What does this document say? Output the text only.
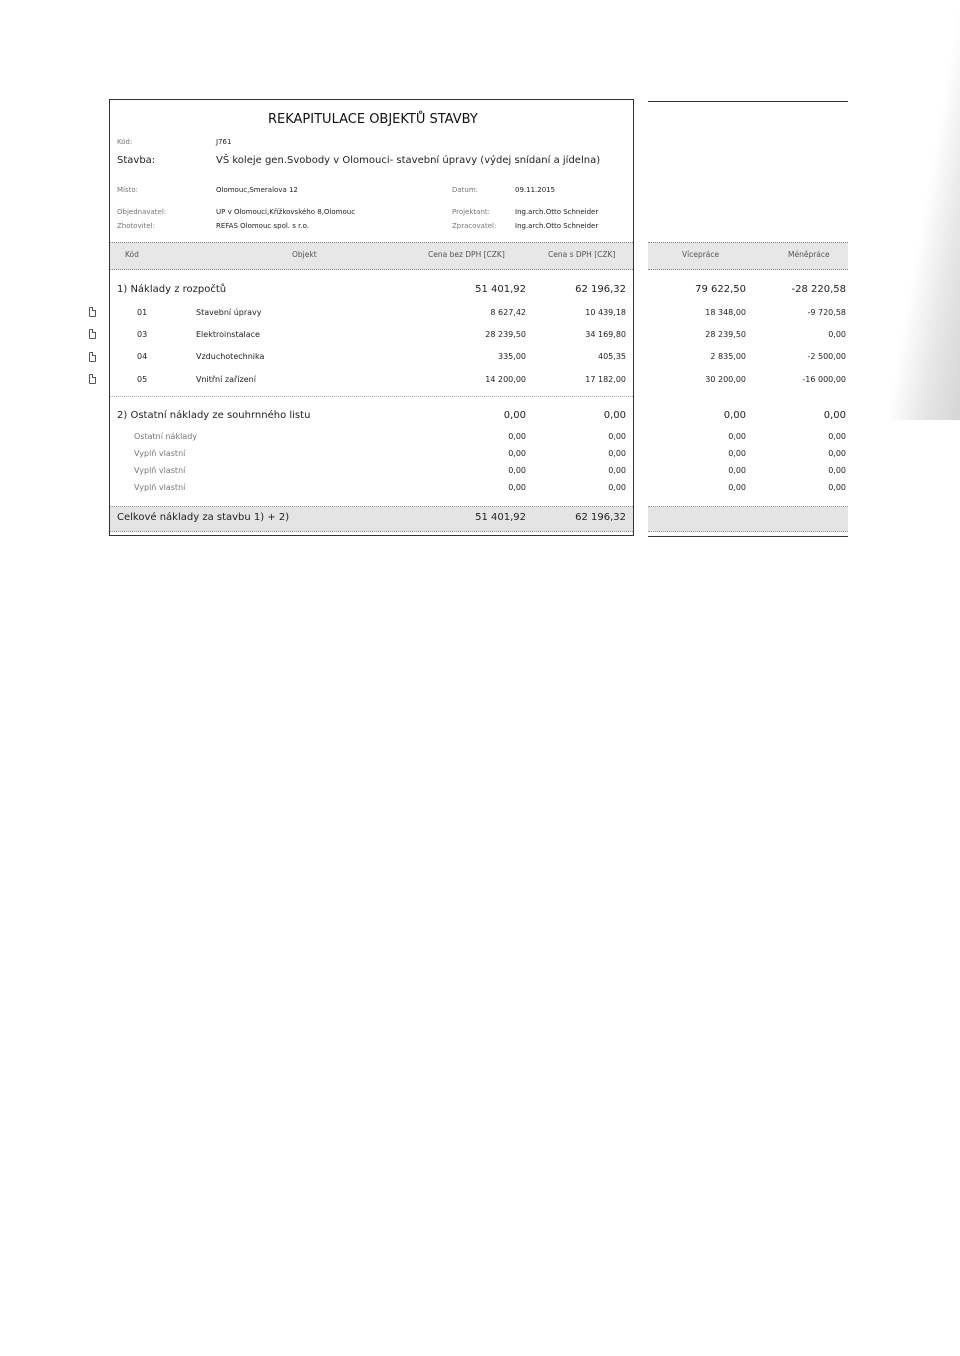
REKAPITULACE OBJEKTŮ STAVBY
Kód:	J761
Stavba:	VŠ koleje gen.Svobody v Olomouci- stavební úpravy (výdej snídaní a jídelna)
Místo:	Olomouc,Smeralova 12	Datum:	09.11.2015
Objednavatel:	UP v Olomouci,Křížkovského 8,Olomouc	Projektant:	Ing.arch.Otto Schneider
Zhotovitel:	REFAS Olomouc spol. s r.o.	Zpracovatel:	Ing.arch.Otto Schneider
Kód	Objekt	Cena bez DPH [CZK]	Cena s DPH [CZK]	Vícepráce	Méněpráce
1) Náklady z rozpočtů	51 401,92	62 196,32	79 622,50	-28 220,58
01	Stavební úpravy	8 627,42	10 439,18	18 348,00	-9 720,58
03	Elektroinstalace	28 239,50	34 169,80	28 239,50	0,00
04	Vzduchotechnika	335,00	405,35	2 835,00	-2 500,00
05	Vnitřní zařízení	14 200,00	17 182,00	30 200,00	-16 000,00
2) Ostatní náklady ze souhrnného listu	0,00	0,00	0,00	0,00
Ostatní náklady	0,00	0,00	0,00	0,00
Vyplň vlastní	0,00	0,00	0,00	0,00
Vyplň vlastní	0,00	0,00	0,00	0,00
Vyplň vlastní	0,00	0,00	0,00	0,00
Celkové náklady za stavbu 1) + 2)	51 401,92	62 196,32
